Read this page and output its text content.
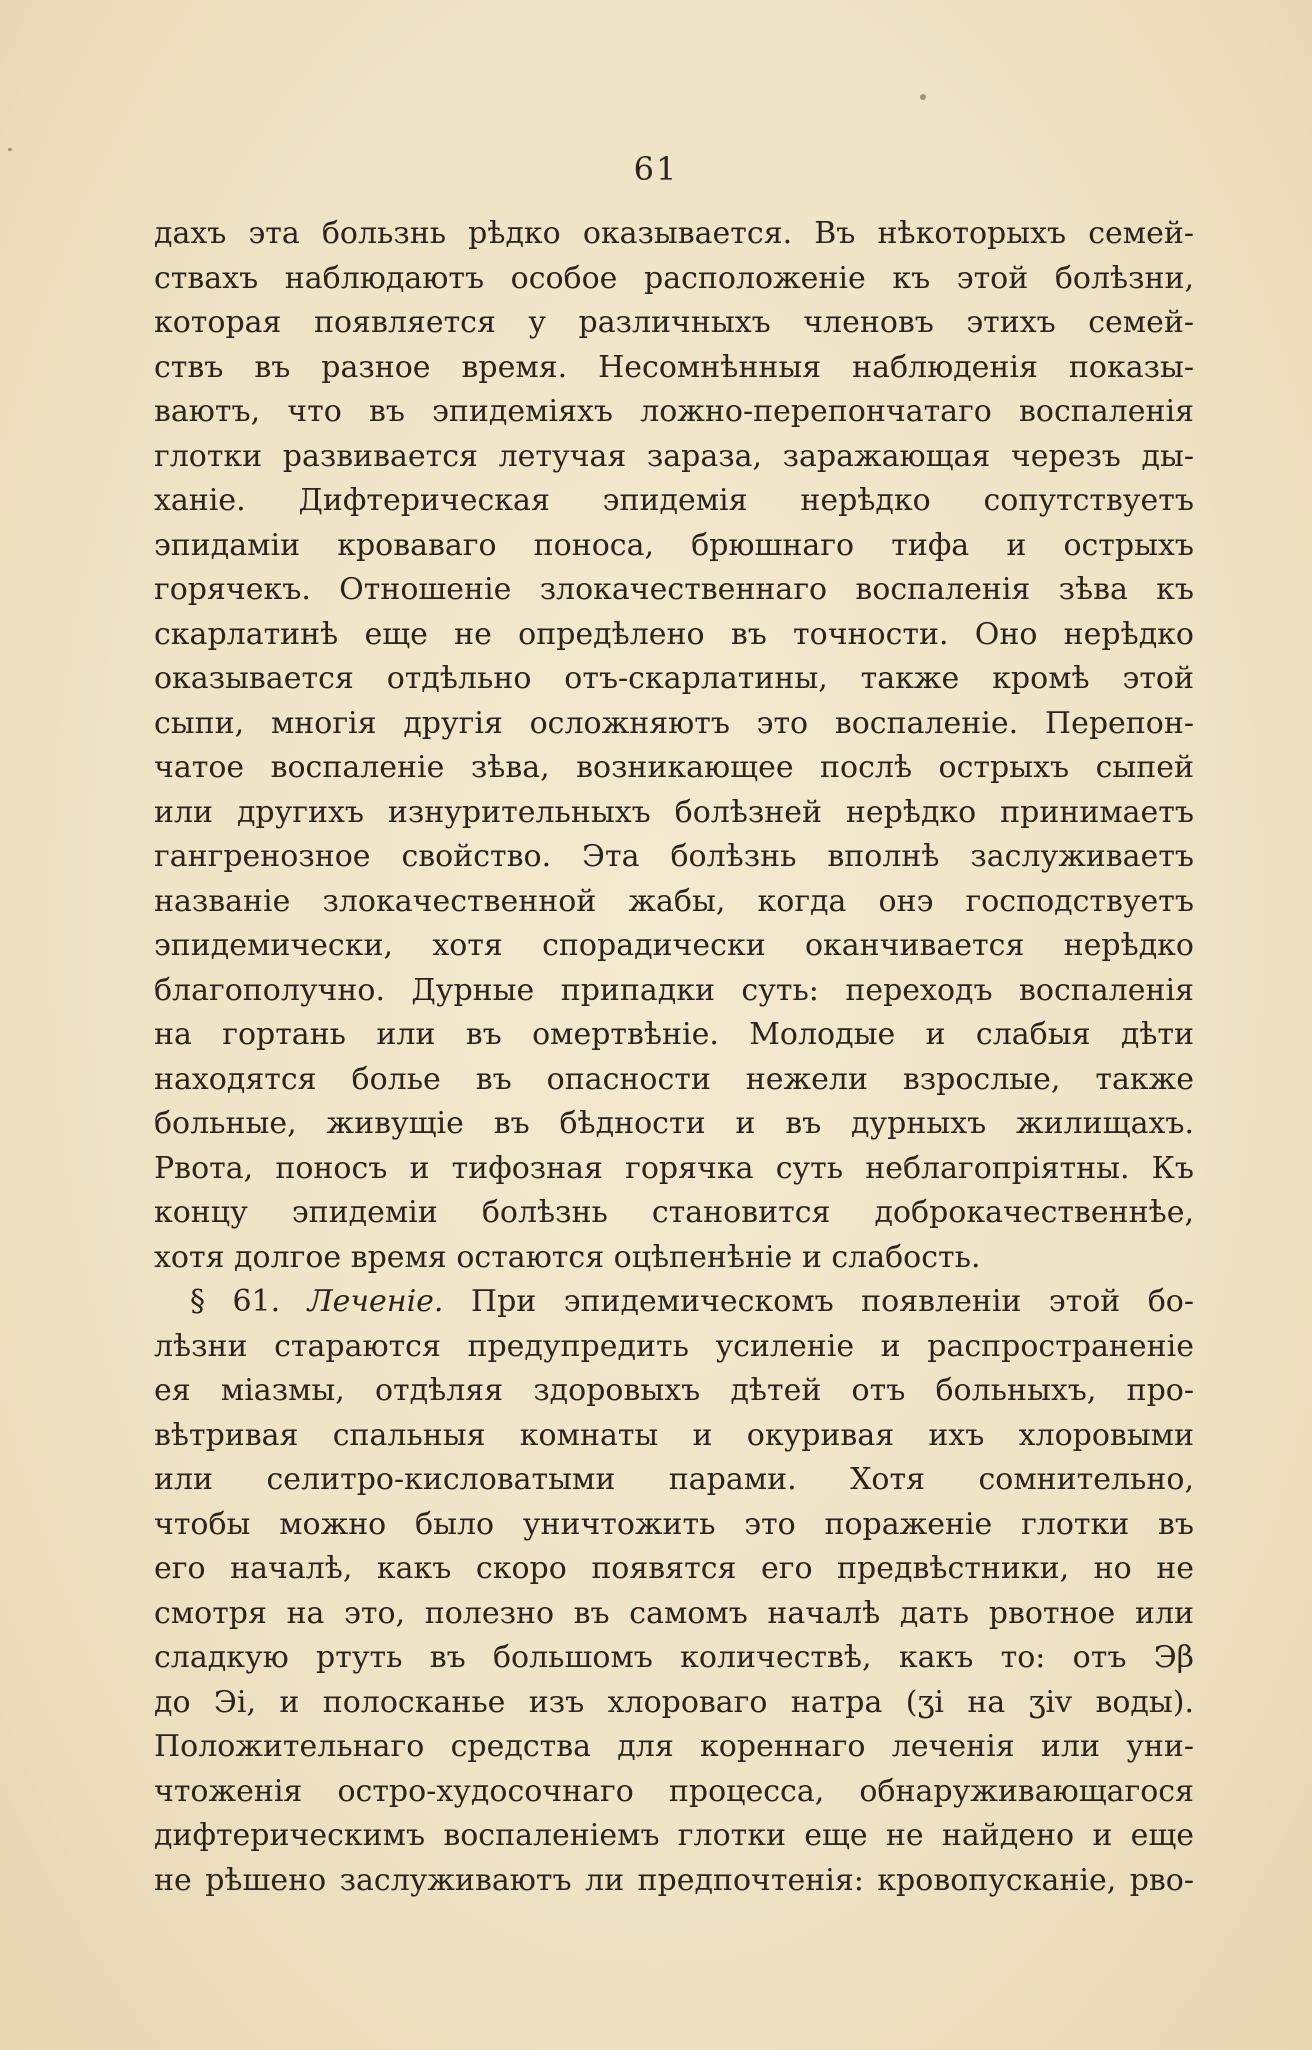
61
дахъ эта бользнь рѣдко оказывается. Въ нѣкоторыхъ семей-
ствахъ наблюдаютъ особое расположеніе къ этой болѣзни,
которая появляется у различныхъ членовъ этихъ семей-
ствъ въ разное время. Несомнѣнныя наблюденія показы-
ваютъ, что въ эпидеміяхъ ложно-перепончатаго воспаленія
глотки развивается летучая зараза, заражающая черезъ ды-
ханіе. Дифтерическая эпидемія нерѣдко сопутствуетъ
эпидаміи кроваваго поноса, брюшнаго тифа и острыхъ
горячекъ. Отношеніе злокачественнаго воспаленія зѣва къ
скарлатинѣ еще не опредѣлено въ точности. Оно нерѣдко
оказывается отдѣльно отъ-скарлатины, также кромѣ этой
сыпи, многія другія осложняютъ это воспаленіе. Перепон-
чатое воспаленіе зѣва, возникающее послѣ острыхъ сыпей
или другихъ изнурительныхъ болѣзней нерѣдко принимаетъ
гангренозное свойство. Эта болѣзнь вполнѣ заслуживаетъ
названіе злокачественной жабы, когда онэ господствуетъ
эпидемически, хотя спорадически оканчивается нерѣдко
благополучно. Дурные припадки суть: переходъ воспаленія
на гортань или въ омертвѣніе. Молодые и слабыя дѣти
находятся болье въ опасности нежели взрослые, также
больные, живущіе въ бѣдности и въ дурныхъ жилищахъ.
Рвота, поносъ и тифозная горячка суть неблагопріятны. Къ
концу эпидеміи болѣзнь становится доброкачественнѣе,
хотя долгое время остаются оцѣпенѣніе и слабость.
§ 61. Леченіе. При эпидемическомъ появленіи этой бо-
лѣзни стараются предупредить усиленіе и распространеніе
ея міазмы, отдѣляя здоровыхъ дѣтей отъ больныхъ, про-
вѣтривая спальныя комнаты и окуривая ихъ хлоровыми
или селитро-кисловатыми парами. Хотя сомнительно,
чтобы можно было уничтожить это пораженіе глотки въ
его началѣ, какъ скоро появятся его предвѣстники, но не
смотря на это, полезно въ самомъ началѣ дать рвотное или
сладкую ртуть въ большомъ количествѣ, какъ то: отъ Эβ
до Эі, и полосканье изъ хлороваго натра (ʒі на ʒіv воды).
Положительнаго средства для кореннаго леченія или уни-
чтоженія остро-худосочнаго процесса, обнаруживающагося
дифтерическимъ воспаленіемъ глотки еще не найдено и еще
не рѣшено заслуживаютъ ли предпочтенія: кровопусканіе, рво-
